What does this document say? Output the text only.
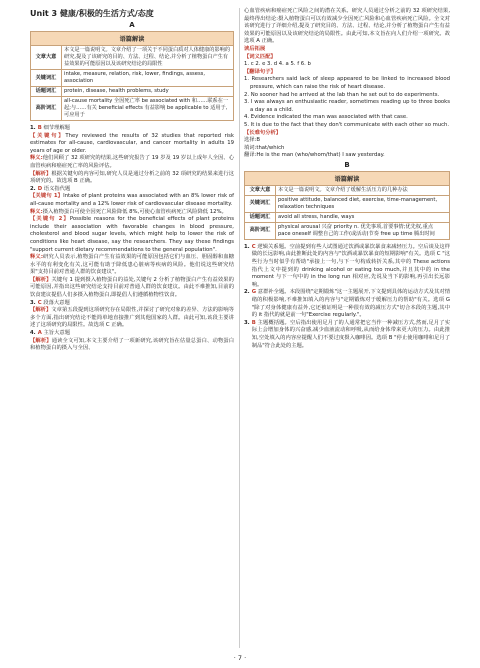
Unit 3 健康/积极的生活方式/态度
A
语篇解读
文章大意	本文是一篇说明文。文章介绍了一项关于不同蛋白质对人体健康的影响的研究,提及了该研究的目的、方法、过程、结论,并分析了植物蛋白产生有益效果的可能原因以及该研究结论的局限性
关键词汇	intake, measure, relation, risk, lower, findings, assess, association
话题词汇	protein, disease, health problems, study
高阶词汇	all-cause mortality 全因死亡率 be associated with 和……联系在一起;与……有关 beneficial effects 有益影响 be applicable to 适用于,可应用于
1. B 细节理解题

【关键句】They reviewed the results of 32 studies that reported risk estimates for all-cause, cardiovascular, and cancer mortality in adults 19 years of age or older.

释义:他们回顾了 32 项研究的结果,这些研究报告了 19 岁及 19 岁以上成年人全因、心血管疾病和癌症死亡率的风险评估。

【解析】根据关键句的内容可知,研究人员是通过分析之前的 32 项研究的结果来进行这项研究的。故选项 B 正确。

2. D 语义指代题

【关键句 1】Intake of plant proteins was associated with an 8% lower risk of all-cause mortality and a 12% lower risk of cardiovascular disease mortality.

释义:摄入植物蛋白可使全因死亡风险降低 8%,可使心血管疾病死亡风险降低 12%。

【关键句 2】Possible reasons for the beneficial effects of plant proteins include their association with favorable changes in blood pressure, cholesterol and blood sugar levels, which might help to lower the risk of conditions like heart disease, say the researchers. They say these findings "support current dietary recommendations to the general population".

释义:研究人员表示,植物蛋白产生有益效果的可能原因包括它们与血压、胆固醇和血糖水平的有利变化有关,这可能有助于降低患心脏病等疾病的风险。他们说这些研究结果"支持目前对普通人群的饮食建议"。

【解析】关键句 1 提到摄入植物蛋白的益处,关键句 2 分析了植物蛋白产生有益效果的可能原因,并指出这些研究结论支持目前对普通人群的饮食建议。由此不难推知,目前的饮食建议提倡人们多摄入植物蛋白,即提倡人们遵循植物性饮食。

3. C 段落大意题

【解析】文章第五段提到这项研究存在局限性,并探讨了研究对象的差异、方法的影响等多个方面,指出研究结论不能简单地直接推广到其他国家的人群。由此可知,该段主要讲述了这项研究的局限性。故选项 C 正确。

4. A 主旨大意题

【解析】通读全文可知,本文主要介绍了一项新研究,该研究旨在估量总蛋白、动物蛋白和植物蛋白的摄入与全因、

心血管疾病和癌症死亡风险之间的潜在关系。研究人员通过分析之前的 32 项研究结果,最终得出结论:摄入植物蛋白可以有效减少全因死亡风险和心血管疾病死亡风险。全文对该研究进行了详细介绍,提及了研究目的、方法、过程、结论,并分析了植物蛋白产生有益效果的可能原因以及该研究结论的局限性。由此可知,本文旨在向人们介绍一项研究。故选项 A 正确。

读后拓展

【词义匹配】

1. c 2. e 3. d 4. a 5. f 6. b

【翻译句子】

1. Researchers said lack of sleep appeared to be linked to increased blood pressure, which can raise the risk of heart disease.

2. No sooner had he arrived at the lab than he set out to do experiments.

3. I was always an enthusiastic reader, sometimes reading up to three books a day as a child.

4. Evidence indicated the man was associated with that case.

5. It is due to the fact that they don't communicate with each other so much.

【长难句分析】

选择:B

填词:that/which

翻译:He is the man (who/whom/that) I saw yesterday.

B
语篇解读
文章大意	本文是一篇说明文。文章介绍了缓解生活压力的几种办法
关键词汇	positive attitude, balanced diet, exercise, time-management, relaxation techniques
话题词汇	avoid all stress, handle, ways
高阶词汇	physical arousal 兴奋 priority n. 优先事项,首要事情;优先权,重点 pace oneself 调整自己的工作(或活动)节奏 free up time 腾出时间
1. C 逻辑关系题。空前提到有些人试图通过饮酒或暴饮暴食来减轻压力。空后谈及这样做的长远影响,由此推断此处的内容与"饮酒或暴饮暴食的短期影响"有关。选项 C "这些行为当时似乎有帮助"承接上一句,与下一句构成转折关系,其中的 These actions 指代上文中提到的 drinking alcohol or eating too much,并且其中的 in the moment 与下一句中的 in the long run 相对应,先说及当下的影响,再引出长远影响。

2. G 意群补全题。本段围绕"定期锻炼"这一主题展开,下文提到具体的运动方式及其对情绪的积极影响,不难推知填入的内容与"定期锻炼对于缓解压力的帮助"有关。选项 G "除了对身体健康有益外,它还被证明是一种很有效的减压方式"切合本段的主题,其中的 it 指代的就是前一句"Exercise regularly."。

3. B 主题概括题。空后指出使用足月了的人通常把它当作一种减压方式,然而,足月了实际上会增加身体的兴奋感,减少血液流动和呼吸,从而给身体带来更大的压力。由此推知,空处填入的内容应提醒人们不要过度摄入咖啡因。选项 B "停止使用咖啡和足月了制品"符合此处的主题。

· 7 ·
